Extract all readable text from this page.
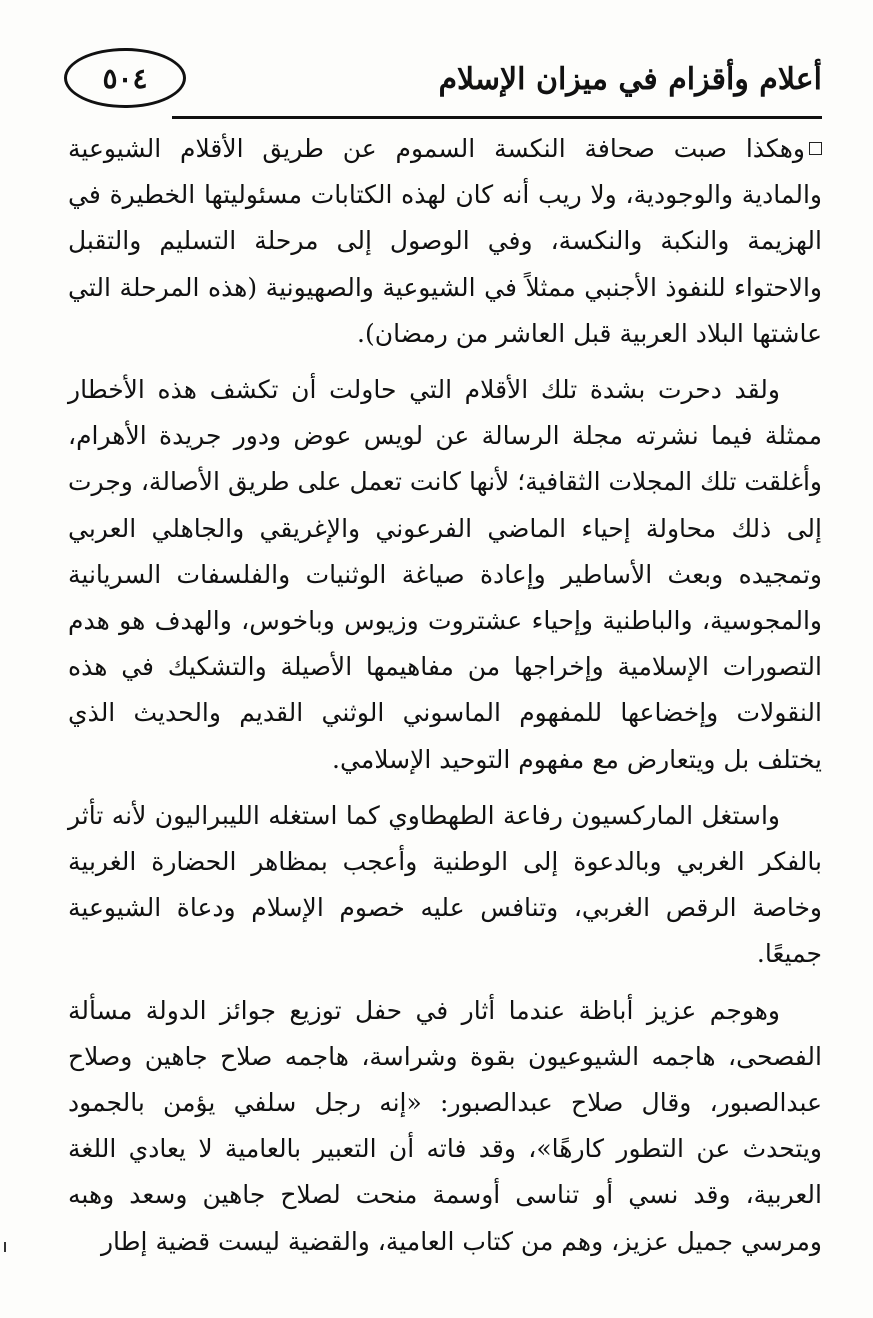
٥٠٤	أعلام وأقزام في ميزان الإسلام

وهكذا صبت صحافة النكسة السموم عن طريق الأقلام الشيوعية والمادية والوجودية، ولا ريب أنه كان لهذه الكتابات مسئوليتها الخطيرة في الهزيمة والنكبة والنكسة، وفي الوصول إلى مرحلة التسليم والتقبل والاحتواء للنفوذ الأجنبي ممثلاً في الشيوعية والصهيونية (هذه المرحلة التي عاشتها البلاد العربية قبل العاشر من رمضان).

ولقد دحرت بشدة تلك الأقلام التي حاولت أن تكشف هذه الأخطار ممثلة فيما نشرته مجلة الرسالة عن لويس عوض ودور جريدة الأهرام، وأغلقت تلك المجلات الثقافية؛ لأنها كانت تعمل على طريق الأصالة، وجرت إلى ذلك محاولة إحياء الماضي الفرعوني والإغريقي والجاهلي العربي وتمجيده وبعث الأساطير وإعادة صياغة الوثنيات والفلسفات السريانية والمجوسية، والباطنية وإحياء عشتروت وزيوس وباخوس، والهدف هو هدم التصورات الإسلامية وإخراجها من مفاهيمها الأصيلة والتشكيك في هذه النقولات وإخضاعها للمفهوم الماسوني الوثني القديم والحديث الذي يختلف بل ويتعارض مع مفهوم التوحيد الإسلامي.

واستغل الماركسيون رفاعة الطهطاوي كما استغله الليبراليون لأنه تأثر بالفكر الغربي وبالدعوة إلى الوطنية وأعجب بمظاهر الحضارة الغربية وخاصة الرقص الغربي، وتنافس عليه خصوم الإسلام ودعاة الشيوعية جميعًا.

وهوجم عزيز أباظة عندما أثار في حفل توزيع جوائز الدولة مسألة الفصحى، هاجمه الشيوعيون بقوة وشراسة، هاجمه صلاح جاهين وصلاح عبدالصبور، وقال صلاح عبدالصبور: «إنه رجل سلفي يؤمن بالجمود ويتحدث عن التطور كارهًا»، وقد فاته أن التعبير بالعامية لا يعادي اللغة العربية، وقد نسي أو تناسى أوسمة منحت لصلاح جاهين وسعد وهبه ومرسي جميل عزيز، وهم من كتاب العامية، والقضية ليست قضية إطار
